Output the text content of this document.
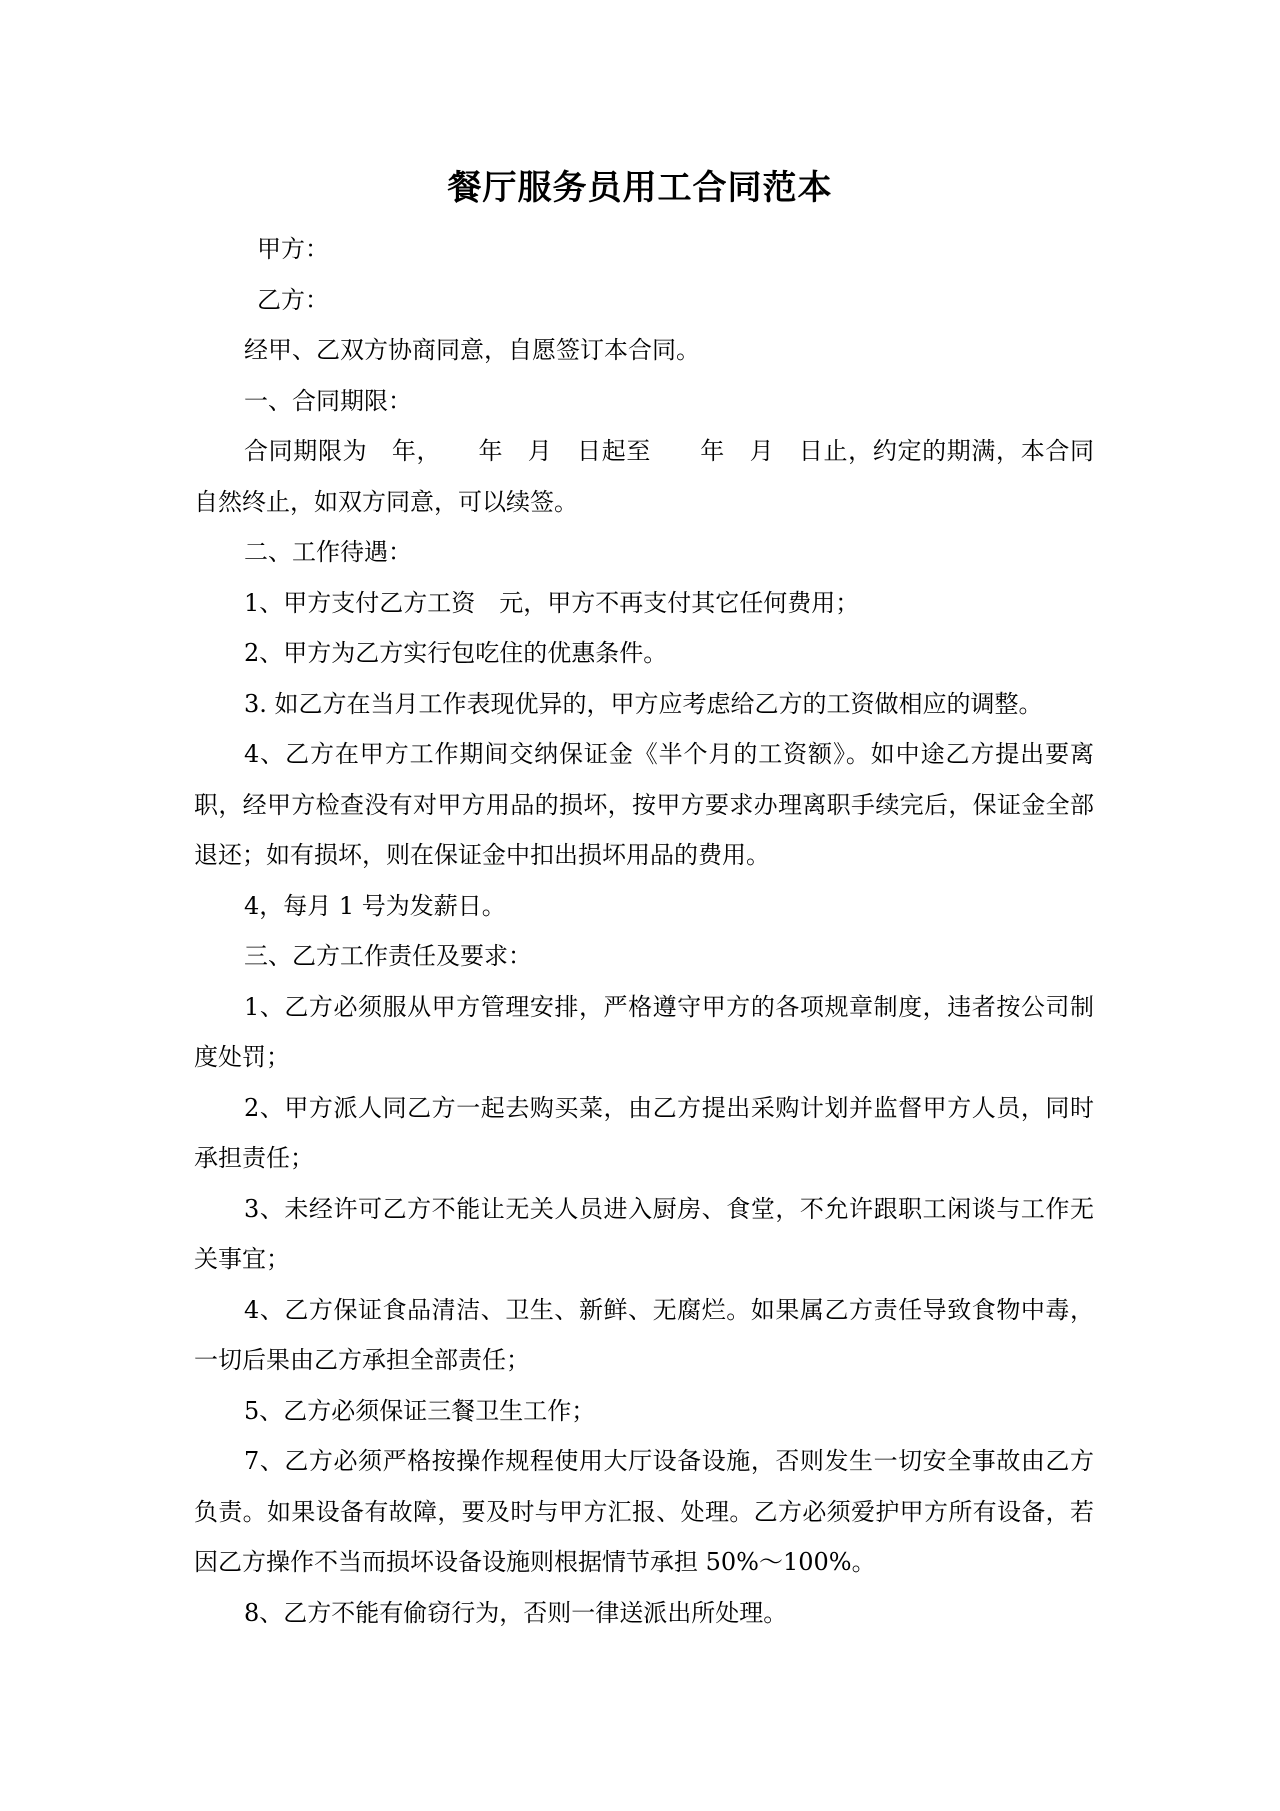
餐厅服务员用工合同范本

甲方：

乙方：

经甲、乙双方协商同意，自愿签订本合同。

一、合同期限：

合同期限为　年，　　年　月　日起至　　年　月　日止，约定的期满，本合同自然终止，如双方同意，可以续签。

二、工作待遇：

1、甲方支付乙方工资　元，甲方不再支付其它任何费用；

2、甲方为乙方实行包吃住的优惠条件。

3. 如乙方在当月工作表现优异的，甲方应考虑给乙方的工资做相应的调整。

4、乙方在甲方工作期间交纳保证金《半个月的工资额》。如中途乙方提出要离职，经甲方检查没有对甲方用品的损坏，按甲方要求办理离职手续完后，保证金全部退还；如有损坏，则在保证金中扣出损坏用品的费用。

4，每月 1 号为发薪日。

三、乙方工作责任及要求：

1、乙方必须服从甲方管理安排，严格遵守甲方的各项规章制度，违者按公司制度处罚；

2、甲方派人同乙方一起去购买菜，由乙方提出采购计划并监督甲方人员，同时承担责任；

3、未经许可乙方不能让无关人员进入厨房、食堂，不允许跟职工闲谈与工作无关事宜；

4、乙方保证食品清洁、卫生、新鲜、无腐烂。如果属乙方责任导致食物中毒，一切后果由乙方承担全部责任；

5、乙方必须保证三餐卫生工作；

7、乙方必须严格按操作规程使用大厅设备设施，否则发生一切安全事故由乙方负责。如果设备有故障，要及时与甲方汇报、处理。乙方必须爱护甲方所有设备，若因乙方操作不当而损坏设备设施则根据情节承担 50%～100%。

8、乙方不能有偷窃行为，否则一律送派出所处理。
